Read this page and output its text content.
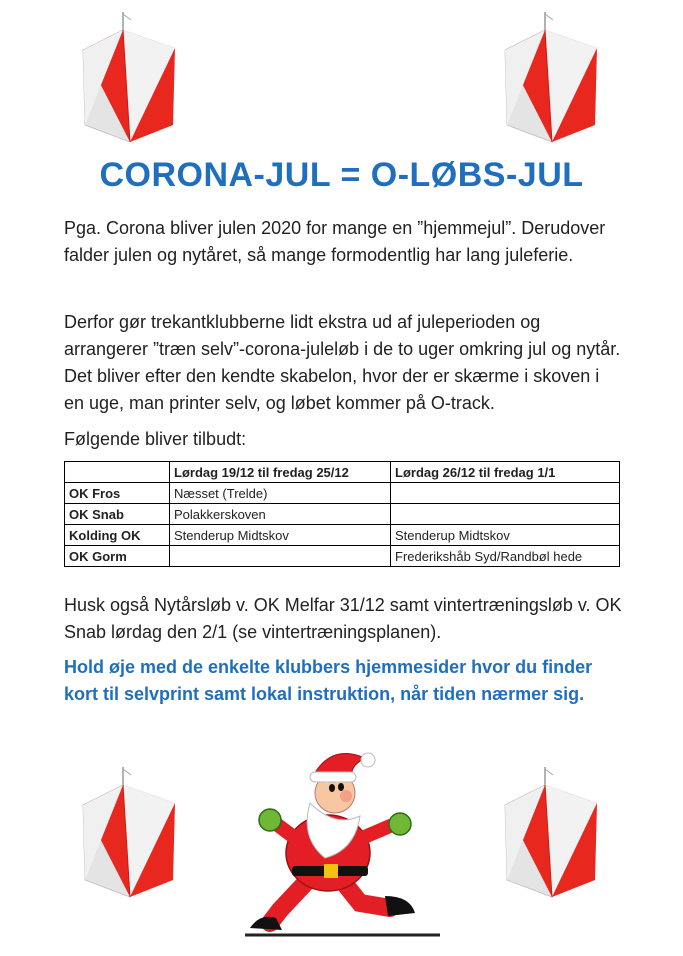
CORONA-JUL = O-LØBS-JUL
Pga. Corona bliver julen 2020 for mange en ”hjemmejul”. Derudover falder julen og nytåret, så mange formodentlig har lang juleferie.
Derfor gør trekantklubberne lidt ekstra ud af juleperioden og arrangerer ”træn selv”-corona-juleløb i de to uger omkring jul og nytår. Det bliver efter den kendte skabelon, hvor der er skærme i skoven i en uge, man printer selv, og løbet kommer på O-track.
Følgende bliver tilbudt:
	Lørdag 19/12 til fredag 25/12	Lørdag 26/12 til fredag 1/1
OK Fros	Næsset (Trelde)	
OK Snab	Polakkerskoven	
Kolding OK	Stenderup Midtskov	Stenderup Midtskov
OK Gorm		Frederikshåb Syd/Randbøl hede
Husk også Nytårsløb v. OK Melfar 31/12 samt vintertræningsløb v. OK Snab lørdag den 2/1 (se vintertræningsplanen).
Hold øje med de enkelte klubbers hjemmesider hvor du finder kort til selvprint samt lokal instruktion, når tiden nærmer sig.
